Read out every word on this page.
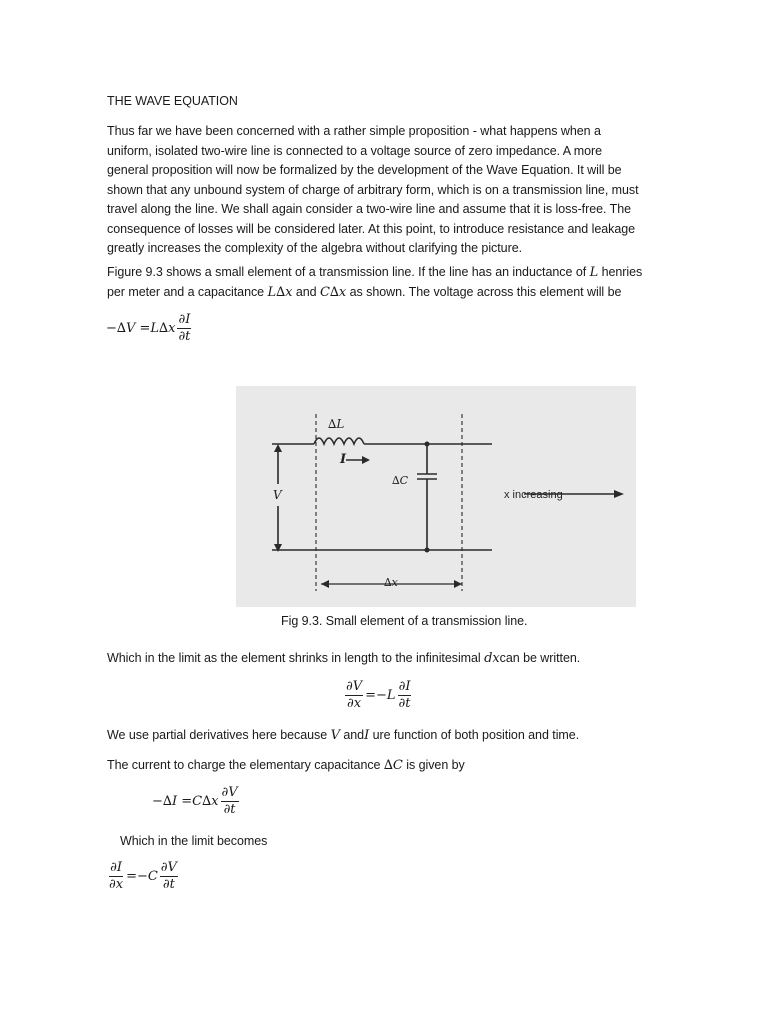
THE WAVE EQUATION
Thus far we have been concerned with a rather simple proposition - what happens when a
uniform, isolated two-wire line is connected to a voltage source of zero impedance. A more
general proposition will now be formalized by the development of the Wave Equation. It will be
shown that any unbound system of charge of arbitrary form, which is on a transmission line, must
travel along the line. We shall again consider a two-wire line and assume that it is loss-free. The
consequence of losses will be considered later. At this point, to introduce resistance and leakage
greatly increases the complexity of the algebra without clarifying the picture.
Figure 9.3 shows a small element of a transmission line. If the line has an inductance of L henries
per meter and a capacitance L∆x and C∆x as shown. The voltage across this element will be
$-\Delta V =L\Delta x \frac{\partial I}{\partial t}$
∆L
I
∆C
V
∆x
x increasing
Fig 9.3. Small element of a transmission line.
Which in the limit as the element shrinks in length to the infinitesimal dxcan be written.
$\frac{\partial V}{\partial x} =-L \frac{\partial I}{\partial t}$
We use partial derivatives here because V andI ure function of both position and time.
The current to charge the elementary capacitance ∆C is given by
$-\Delta I =C\Delta x \frac{\partial V}{\partial t}$
Which in the limit becomes
$\frac{\partial I}{\partial x} =-C \frac{\partial V}{\partial t}$
